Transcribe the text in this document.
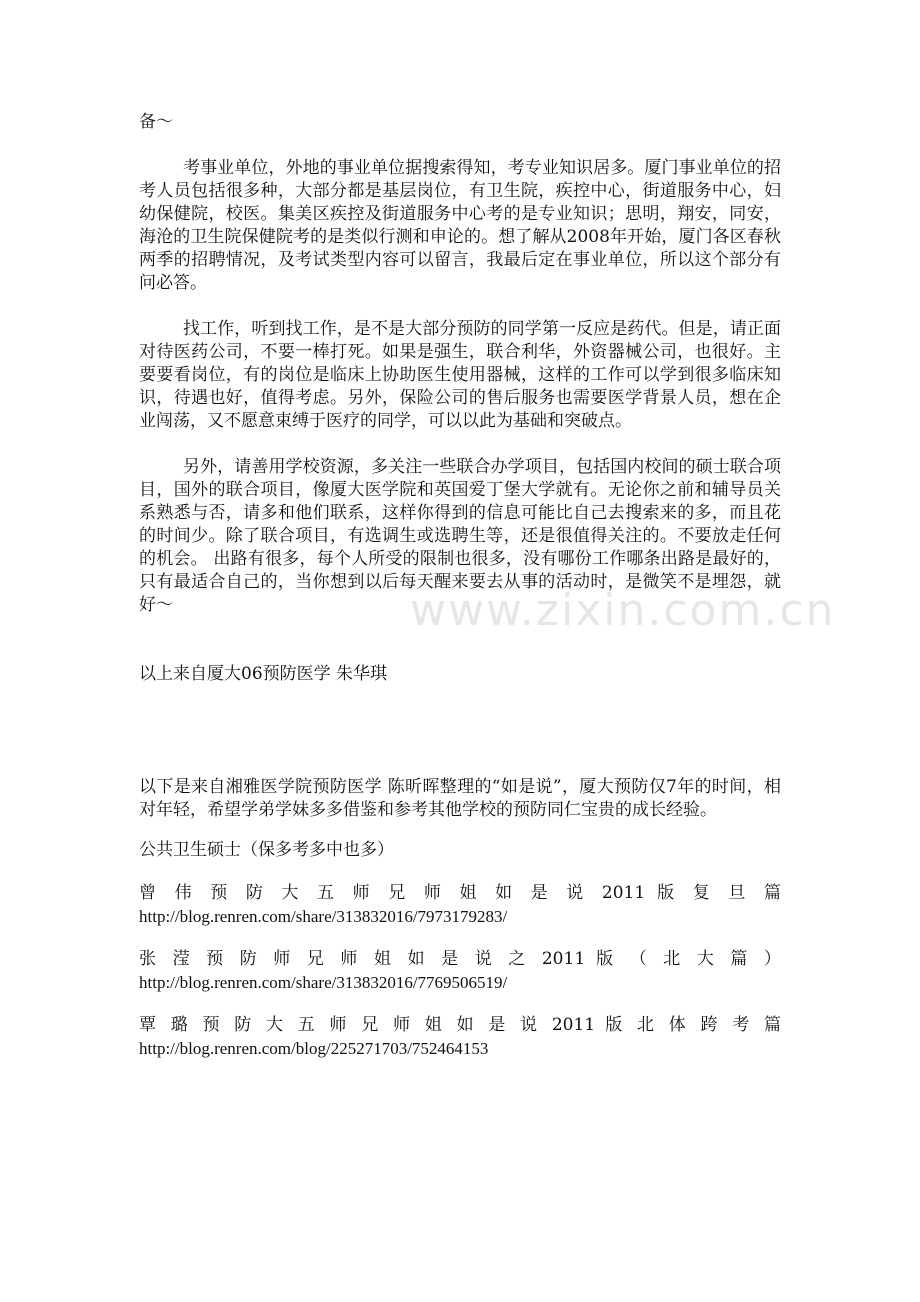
www.zixin.com.cn

备～

考事业单位，外地的事业单位据搜索得知，考专业知识居多。厦门事业单位的招考人员包括很多种，大部分都是基层岗位，有卫生院，疾控中心，街道服务中心，妇幼保健院，校医。集美区疾控及街道服务中心考的是专业知识；思明，翔安，同安，海沧的卫生院保健院考的是类似行测和申论的。想了解从2008年开始，厦门各区春秋两季的招聘情况，及考试类型内容可以留言，我最后定在事业单位，所以这个部分有问必答。

找工作，听到找工作，是不是大部分预防的同学第一反应是药代。但是，请正面对待医药公司，不要一棒打死。如果是强生，联合利华，外资器械公司，也很好。主要要看岗位，有的岗位是临床上协助医生使用器械，这样的工作可以学到很多临床知识，待遇也好，值得考虑。另外，保险公司的售后服务也需要医学背景人员，想在企业闯荡，又不愿意束缚于医疗的同学，可以以此为基础和突破点。

另外，请善用学校资源，多关注一些联合办学项目，包括国内校间的硕士联合项目，国外的联合项目，像厦大医学院和英国爱丁堡大学就有。无论你之前和辅导员关系熟悉与否，请多和他们联系，这样你得到的信息可能比自己去搜索来的多，而且花的时间少。除了联合项目，有选调生或选聘生等，还是很值得关注的。不要放走任何的机会。 出路有很多，每个人所受的限制也很多，没有哪份工作哪条出路是最好的，只有最适合自己的，当你想到以后每天醒来要去从事的活动时，是微笑不是埋怨，就好～

以上来自厦大06预防医学 朱华琪

以下是来自湘雅医学院预防医学 陈昕晖整理的“如是说”，厦大预防仅7年的时间，相对年轻，希望学弟学妹多多借鉴和参考其他学校的预防同仁宝贵的成长经验。

公共卫生硕士（保多考多中也多）

曾 伟 预 防 大 五 师 兄 师 姐 如 是 说 2011 版 复 旦 篇

http://blog.renren.com/share/313832016/7973179283/

张 滢 预 防 师 兄 师 姐 如 是 说 之 2011 版 （ 北 大 篇 ）

http://blog.renren.com/share/313832016/7769506519/

覃 璐 预 防 大 五 师 兄 师 姐 如 是 说 2011 版 北 体 跨 考 篇

http://blog.renren.com/blog/225271703/752464153
